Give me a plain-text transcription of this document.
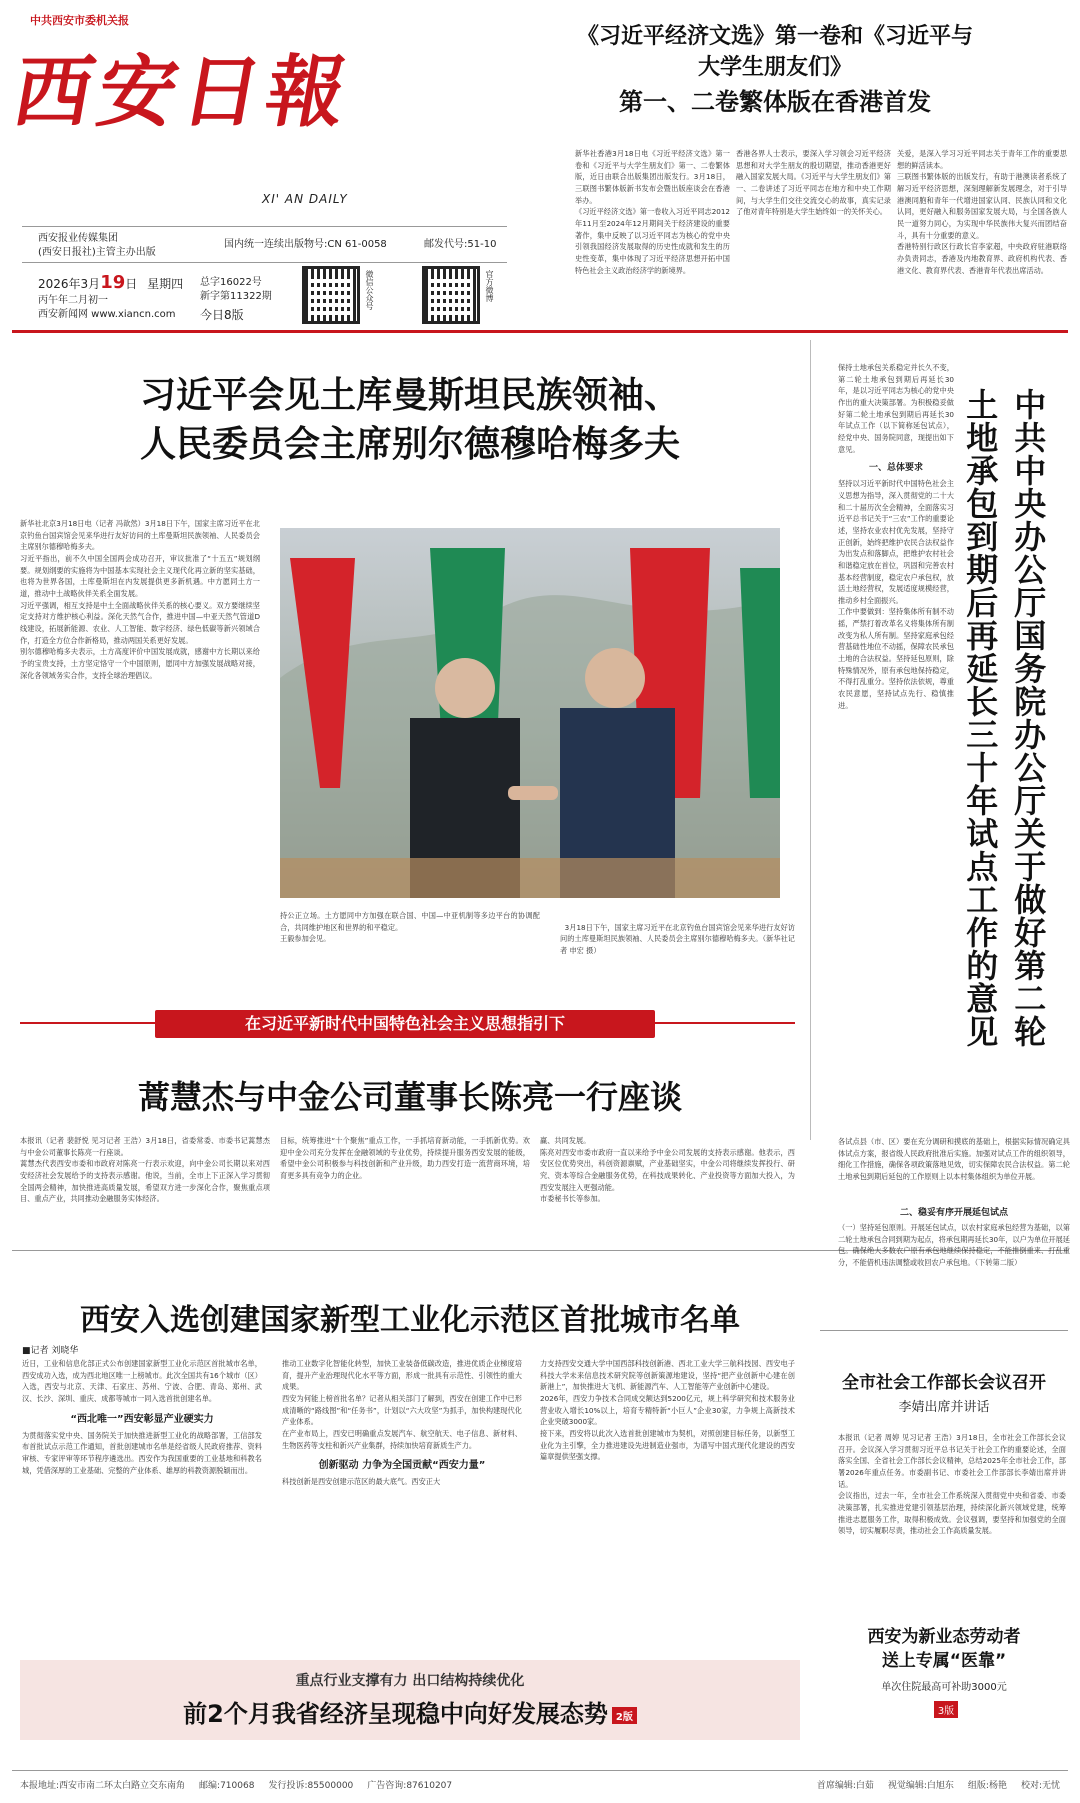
中共西安市委机关报
西安日報
XI' AN DAILY
西安报业传媒集团
(西安日报社)主管主办出版
国内统一连续出版物号:CN 61-0058	邮发代号:51-10
2026年3月19日 星期四
丙午年二月初一
西安新闻网 www.xiancn.com
总字16022号
新字第11322期
今日8版
微信公众号	官方微博
《习近平经济文选》第一卷和《习近平与大学生朋友们》
第一、二卷繁体版在香港首发
新华社香港3月18日电《习近平经济文选》第一卷和《习近平与大学生朋友们》第一、二卷繁体版，近日由联合出版集团出版发行。3月18日，三联图书繁体版新书发布会暨出版座谈会在香港举办。
《习近平经济文选》第一卷收入习近平同志2012年11月至2024年12月期间关于经济建设的重要著作，集中反映了以习近平同志为核心的党中央引领我国经济发展取得的历史性成就和发生的历史性变革，集中体现了习近平经济思想开拓中国特色社会主义政治经济学的新境界。
香港各界人士表示，要深入学习领会习近平经济思想和对大学生朋友的殷切期望，推动香港更好融入国家发展大局。《习近平与大学生朋友们》第一、二卷讲述了习近平同志在地方和中央工作期间，与大学生们交往交流交心的故事，真实记录了他对青年特别是大学生始终如一的关怀关心。
关爱，是深入学习习近平同志关于青年工作的重要思想的鲜活读本。
三联图书繁体版的出版发行，有助于港澳读者系统了解习近平经济思想，深刻理解新发展理念，对于引导港澳同胞和青年一代增进国家认同、民族认同和文化认同，更好融入和服务国家发展大局，与全国各族人民一道努力同心，为实现中华民族伟大复兴而团结奋斗，具有十分重要的意义。
香港特别行政区行政长官李家超，中央政府驻港联络办负责同志，香港及内地教育界、政府机构代表、香港文化、教育界代表、香港青年代表出席活动。
习近平会见土库曼斯坦民族领袖、
人民委员会主席别尔德穆哈梅多夫
新华社北京3月18日电（记者 冯歆然）3月18日下午，国家主席习近平在北京钓鱼台国宾馆会见来华进行友好访问的土库曼斯坦民族领袖、人民委员会主席别尔德穆哈梅多夫。
习近平指出，前不久中国全国两会成功召开，审议批准了“十五五”规划纲要。规划纲要的实施将为中国基本实现社会主义现代化再立新的坚实基础，也将为世界各国，土库曼斯坦在内发展提供更多新机遇。中方愿同土方一道，推动中土战略伙伴关系全面发展。
习近平强调，相互支持是中土全面战略伙伴关系的核心要义。双方要继续坚定支持对方维护核心利益。深化天然气合作，推进中国—中亚天然气管道D线建设，拓展新能源、农业、人工智能、数字经济、绿色低碳等新兴领域合作，打造全方位合作新格局，推动两国关系更好发展。
别尔德穆哈梅多夫表示，土方高度评价中国发展成就，感谢中方长期以来给予的宝贵支持，土方坚定恪守一个中国原则，愿同中方加强发展战略对接，深化各领域务实合作，支持全球治理倡议。

3月18日下午，国家主席习近平在北京钓鱼台国宾馆会见来华进行友好访问的土库曼斯坦民族领袖、人民委员会主席别尔德穆哈梅多夫。（新华社记者 申宏 摄）

持公正立场。土方愿同中方加强在联合国、中国—中亚机制等多边平台的协调配合，共同维护地区和世界的和平稳定。
王毅参加会见。
在习近平新时代中国特色社会主义思想指引下
蒿慧杰与中金公司董事长陈亮一行座谈
本报讯（记者 裴舒悦 见习记者 王浩）3月18日，省委常委、市委书记蒿慧杰与中金公司董事长陈亮一行座谈。
蒿慧杰代表西安市委和市政府对陈亮一行表示欢迎，向中金公司长期以来对西安经济社会发展给予的支持表示感谢。他说，当前，全市上下正深入学习贯彻全国两会精神，加快推进高质量发展，希望双方进一步深化合作，聚焦重点项目、重点产业，共同推动金融服务实体经济。
目标，统筹推进“十个聚焦”重点工作，一手抓培育新动能，一手抓新优势。欢迎中金公司充分发挥在金融领域的专业优势，持续提升服务西安发展的能级，希望中金公司积极参与科技创新和产业升级，助力西安打造一流营商环境，培育更多具有竞争力的企业。
赢、共同发展。
陈亮对西安市委市政府一直以来给予中金公司发展的支持表示感谢。他表示，西安区位优势突出，科创资源禀赋，产业基础坚实，中金公司将继续发挥投行、研究、资本等综合金融服务优势，在科技成果转化、产业投资等方面加大投入，为西安发展注入更强动能。
市委秘书长等参加。
西安入选创建国家新型工业化示范区首批城市名单
■记者 刘晓华
近日，工业和信息化部正式公布创建国家新型工业化示范区首批城市名单，西安成功入选，成为西北地区唯一上榜城市。此次全国共有16个城市（区）入选，西安与北京、天津、石家庄、苏州、宁波、合肥、青岛、郑州、武汉、长沙、深圳、重庆、成都等城市一同入选首批创建名单。
“西北唯一”西安彰显产业硬实力
为贯彻落实党中央、国务院关于加快推进新型工业化的战略部署，工信部发布首批试点示范工作通知，首批创建城市名单是经省级人民政府推荐、资料审核、专家评审等环节程序遴选出。西安作为我国重要的工业基地和科教名城，凭借深厚的工业基础、完整的产业体系、雄厚的科教资源脱颖而出。
推动工业数字化智能化转型，加快工业装备低碳改造，推进优质企业梯度培育，提升产业治理现代化水平等方面，形成一批具有示范性、引领性的重大成果。
西安为何能上榜首批名单？记者从相关部门了解到，西安在创建工作中已形成清晰的“路线图”和“任务书”，计划以“六大攻坚”为抓手，加快构建现代化产业体系。
在产业布局上，西安已明确重点发展汽车、航空航天、电子信息、新材料、生物医药等支柱和新兴产业集群，持续加快培育新质生产力。
创新驱动 力争为全国贡献“西安力量”
科技创新是西安创建示范区的最大底气。西安正大
力支持西安交通大学中国西部科技创新港、西北工业大学三航科技园、西安电子科技大学未来信息技术研究院等创新策源地建设，坚持“把产业创新中心建在创新港上”，加快推进大飞机、新能源汽车、人工智能等产业创新中心建设。
2026年，西安力争技术合同成交额达到5200亿元，规上科学研究和技术服务业营业收入增长10%以上，培育专精特新“小巨人”企业30家，力争规上高新技术企业突破3000家。
接下来，西安将以此次入选首批创建城市为契机，对照创建目标任务，以新型工业化为主引擎，全力推进建设先进制造业强市，为谱写中国式现代化建设的西安篇章提供坚强支撑。
重点行业支撑有力 出口结构持续优化
前2个月我省经济呈现稳中向好发展态势 2版
中共中央办公厅国务院办公厅关于做好第二轮
土地承包到期后再延长三十年试点工作的意见
保持土地承包关系稳定并长久不变，第二轮土地承包到期后再延长30年，是以习近平同志为核心的党中央作出的重大决策部署。为积极稳妥做好第二轮土地承包到期后再延长30年试点工作（以下简称延包试点），经党中央、国务院同意，现提出如下意见。
一、总体要求
坚持以习近平新时代中国特色社会主义思想为指导，深入贯彻党的二十大和二十届历次全会精神，全面落实习近平总书记关于“三农”工作的重要论述，坚持农业农村优先发展，坚持守正创新，始终把维护农民合法权益作为出发点和落脚点，把维护农村社会和谐稳定放在首位，巩固和完善农村基本经营制度，稳定农户承包权，放活土地经营权，发展适度规模经营，推动乡村全面振兴。
工作中要做到：坚持集体所有制不动摇，严禁打着改革名义将集体所有制改变为私人所有制。坚持家庭承包经营基础性地位不动摇，保障农民承包土地的合法权益。坚持延包原则，除特殊情况外，原有承包地保持稳定，不得打乱重分。坚持依法依规，尊重农民意愿，坚持试点先行、稳慎推进。
各试点县（市、区）要在充分调研和摸底的基础上，根据实际情况确定具体试点方案，报省级人民政府批准后实施。加强对试点工作的组织领导，细化工作措施，确保各项政策落地见效，切实保障农民合法权益。第二轮土地承包到期后延包的工作原则上以本村集体组织为单位开展。
二、稳妥有序开展延包试点
（一）坚持延包原则。开展延包试点，以农村家庭承包经营为基础，以第二轮土地承包合同到期为起点，将承包期再延长30年，以户为单位开展延包。确保绝大多数农户原有承包地继续保持稳定，不能推倒重来、打乱重分，不能借机违法调整或收回农户承包地。（下转第二版）
全市社会工作部长会议召开
李婧出席并讲话
本报讯（记者 周婷 见习记者 王浩）3月18日，全市社会工作部长会议召开。会议深入学习贯彻习近平总书记关于社会工作的重要论述，全面落实全国、全省社会工作部长会议精神，总结2025年全市社会工作，部署2026年重点任务。市委副书记、市委社会工作部部长李婧出席并讲话。
会议指出，过去一年，全市社会工作系统深入贯彻党中央和省委、市委决策部署，扎实推进党建引领基层治理，持续深化新兴领域党建，统筹推进志愿服务工作，取得积极成效。会议强调，要坚持和加强党的全面领导，切实履职尽责，推动社会工作高质量发展。
西安为新业态劳动者
送上专属“医靠”
单次住院最高可补助3000元
3版
本报地址:西安市南二环太白路立交东南角 邮编:710068 发行投诉:85500000 广告咨询:87610207	首席编辑:白茹 视觉编辑:白旭东 组版:杨艳 校对:无忧
